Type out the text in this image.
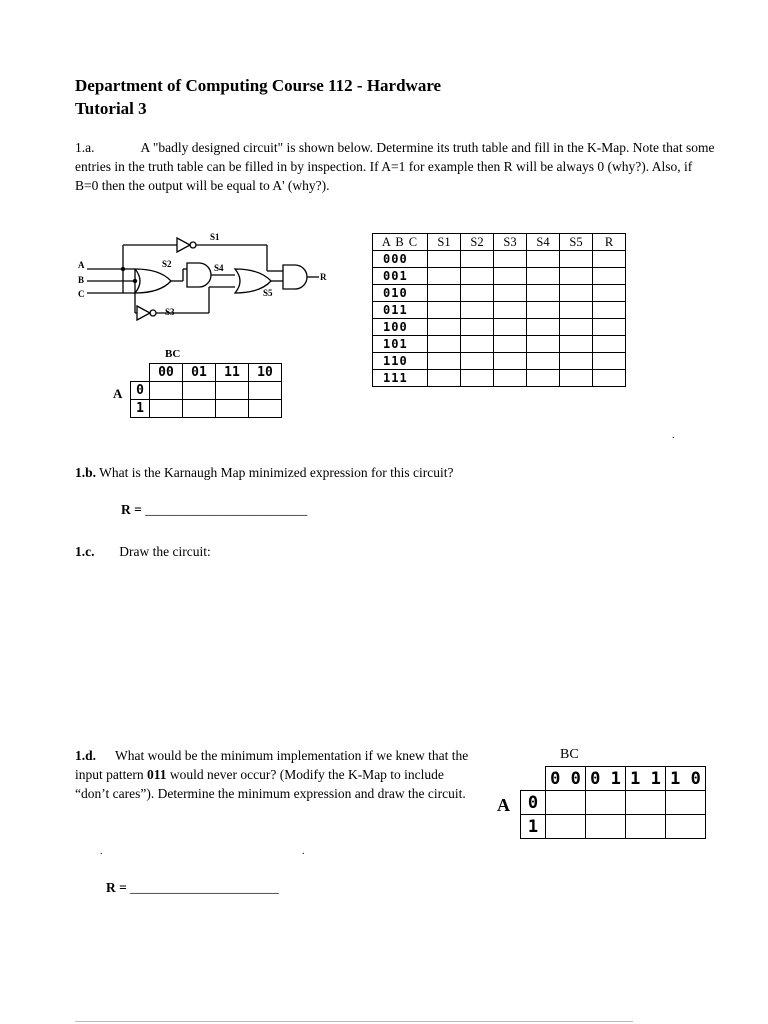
Department of Computing Course 112 - Hardware
Tutorial 3
1.a.	A "badly designed circuit" is shown below. Determine its truth table and fill in the K-Map. Note that some entries in the truth table can be filled in by inspection. If A=1 for example then R will be always 0 (why?). Also, if B=0 then the output will be equal to A' (why?).
A
B
C
S1
S2
S3
S4
S5
R
A B C	S1	S2	S3	S4	S5	R
000						
001						
010						
011						
100						
101						
110						
111						
BC
A
	00	01	11	10
0				
1				
.
1.b. What is the Karnaugh Map minimized expression for this circuit?
R = ________________________
1.c. Draw the circuit:
1.d. What would be the minimum implementation if we knew that the input pattern 011 would never occur? (Modify the K-Map to include “don’t cares”). Determine the minimum expression and draw the circuit.
BC
A
	0 0	0 1	1 1	1 0
0				
1				
.	.
R = ______________________
